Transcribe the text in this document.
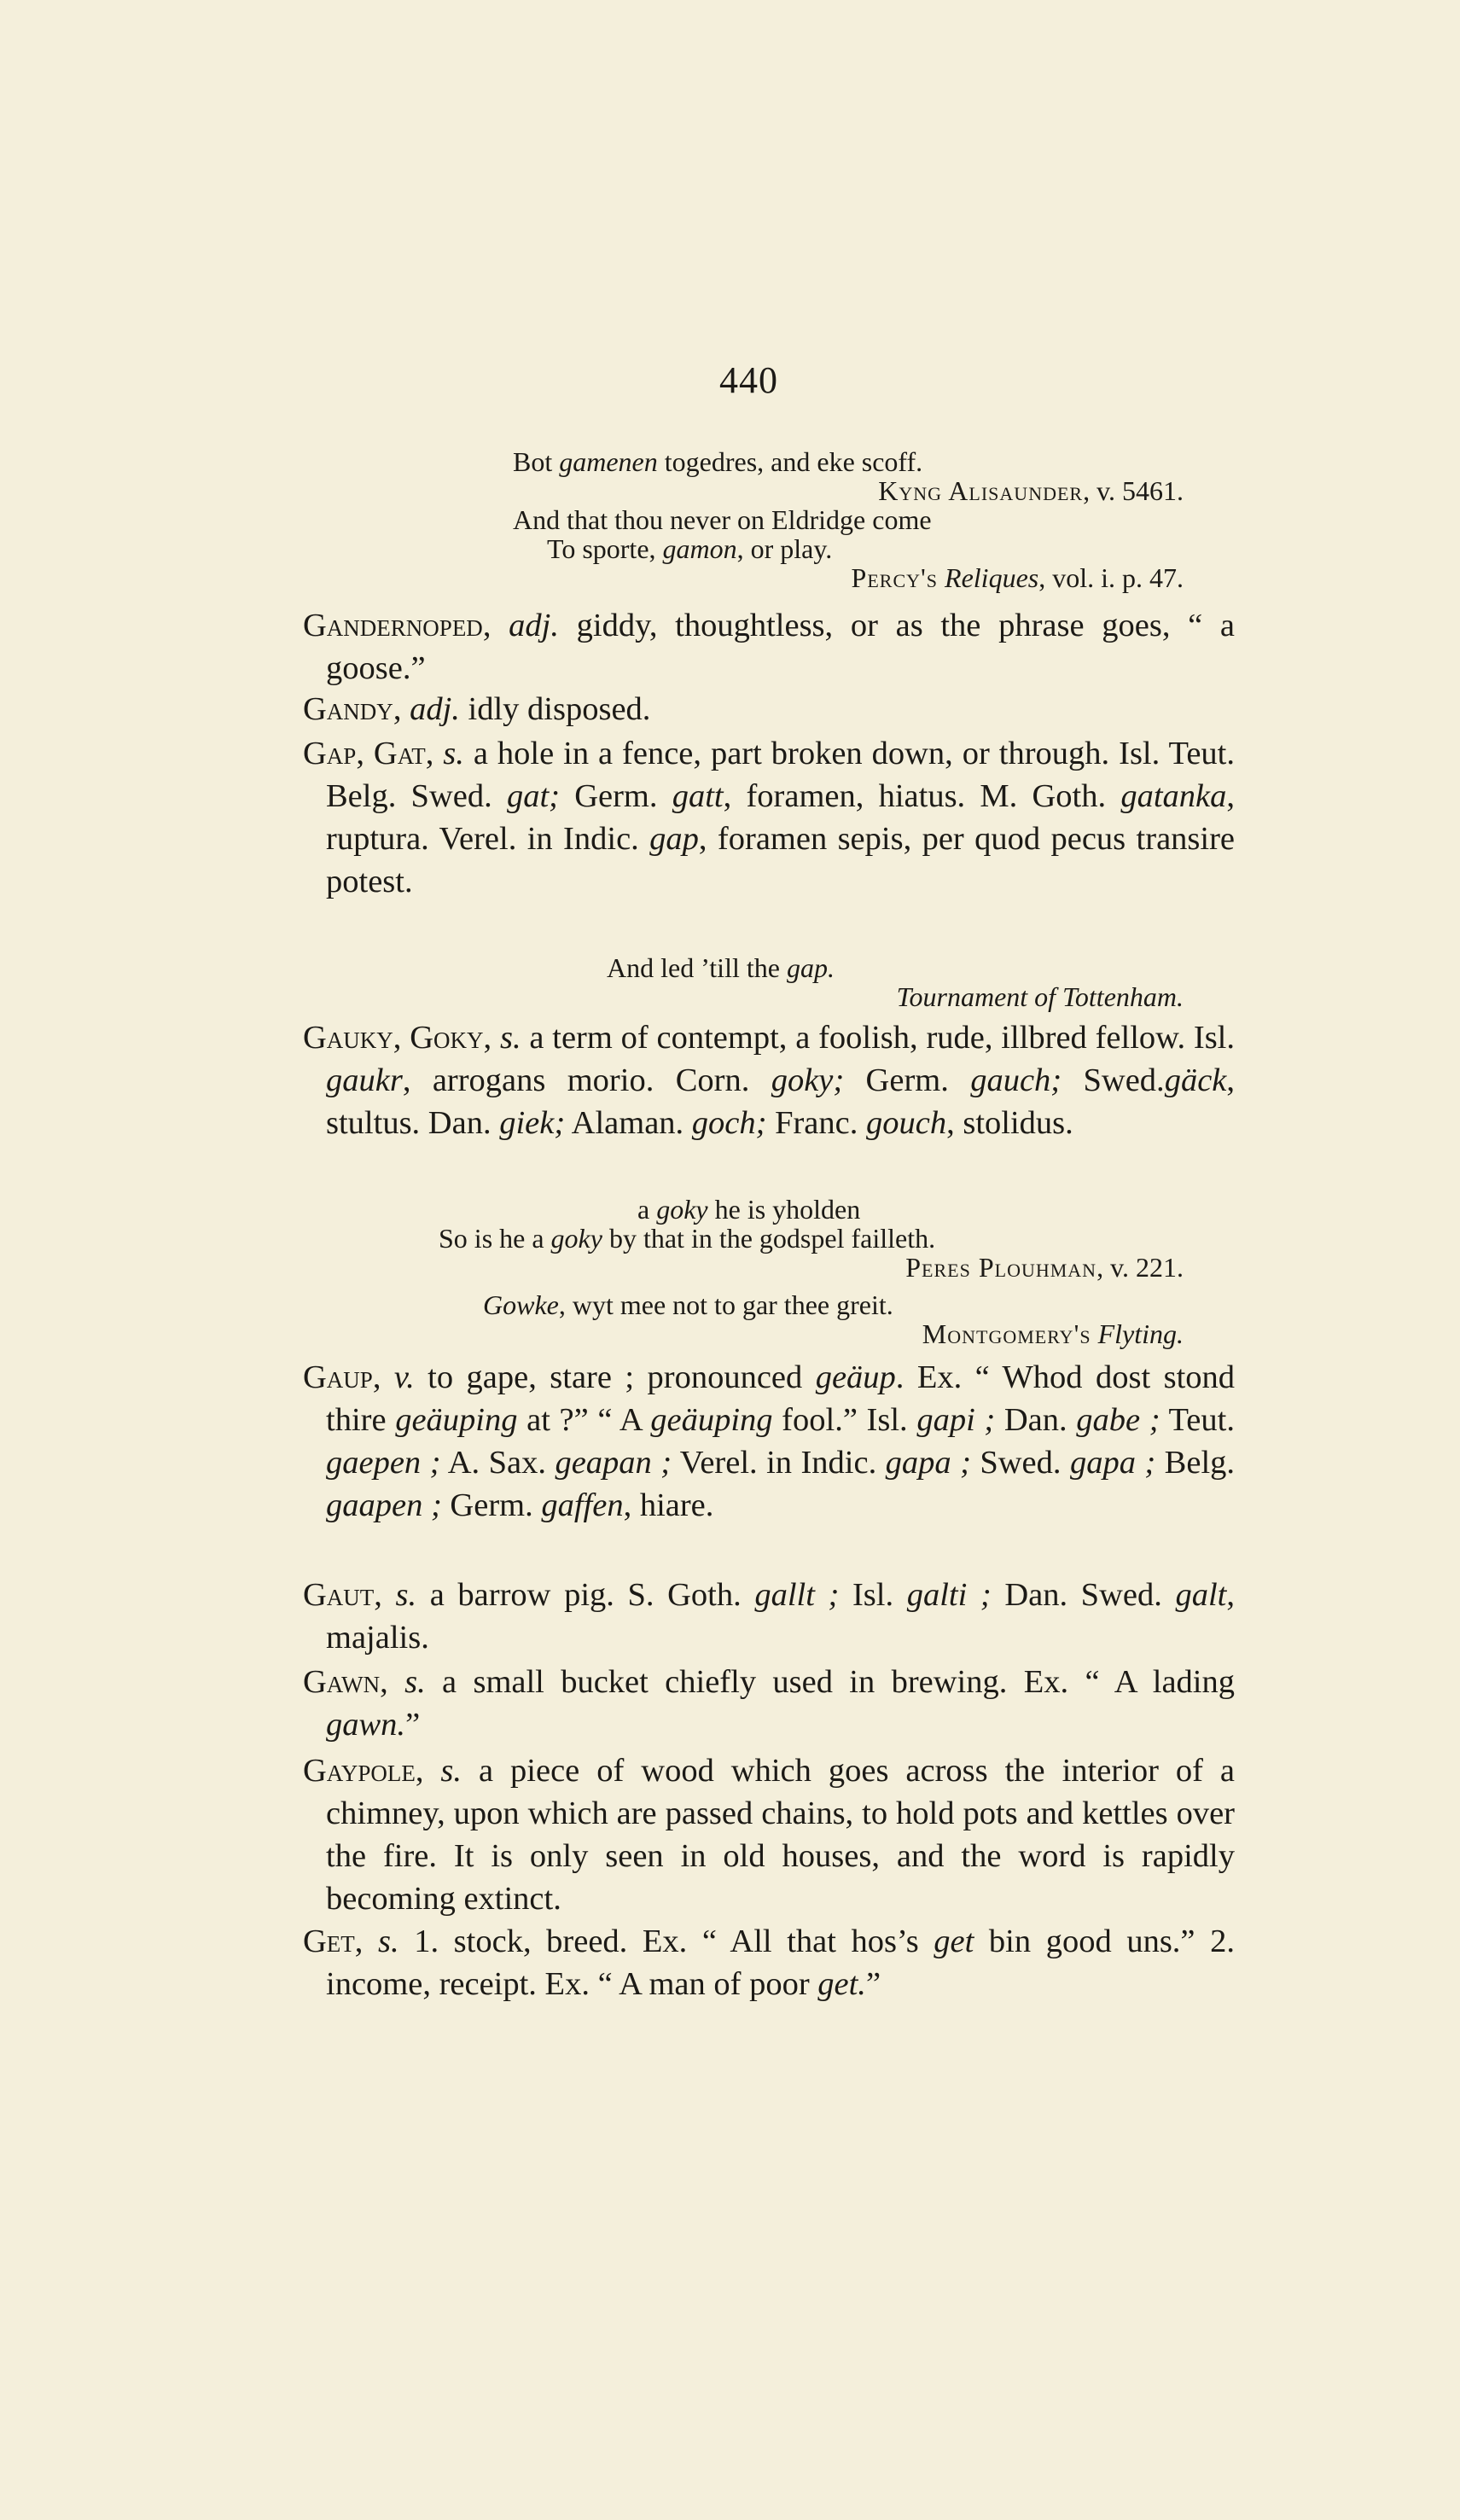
440
Bot gamenen togedres, and eke scoff.
Kyng Alisaunder, v. 5461.
And that thou never on Eldridge come
To sporte, gamon, or play.
Percy's Reliques, vol. i. p. 47.
Gandernoped, adj. giddy, thoughtless, or as the phrase goes, “ a goose.”
Gandy, adj. idly disposed.
Gap, Gat, s. a hole in a fence, part broken down, or through. Isl. Teut. Belg. Swed. gat; Germ. gatt, foramen, hiatus. M. Goth. gatanka, ruptura. Verel. in Indic. gap, foramen sepis, per quod pecus transire potest.
And led ’till the gap.
Tournament of Tottenham.
Gauky, Goky, s. a term of contempt, a foolish, rude, illbred fellow. Isl. gaukr, arrogans morio. Corn. goky; Germ. gauch; Swed.gäck, stultus. Dan. giek; Alaman. goch; Franc. gouch, stolidus.
a goky he is yholden
So is he a goky by that in the godspel failleth.
Peres Plouhman, v. 221.
Gowke, wyt mee not to gar thee greit.
Montgomery's Flyting.
Gaup, v. to gape, stare ; pronounced geäup. Ex. “ Whod dost stond thire geäuping at ?” “ A geäuping fool.” Isl. gapi ; Dan. gabe ; Teut. gaepen ; A. Sax. geapan ; Verel. in Indic. gapa ; Swed. gapa ; Belg. gaapen ; Germ. gaffen, hiare.
Gaut, s. a barrow pig. S. Goth. gallt ; Isl. galti ; Dan. Swed. galt, majalis.
Gawn, s. a small bucket chiefly used in brewing. Ex. “ A lading gawn.”
Gaypole, s. a piece of wood which goes across the interior of a chimney, upon which are passed chains, to hold pots and kettles over the fire. It is only seen in old houses, and the word is rapidly becoming extinct.
Get, s. 1. stock, breed. Ex. “ All that hos’s get bin good uns.” 2. income, receipt. Ex. “ A man of poor get.”
